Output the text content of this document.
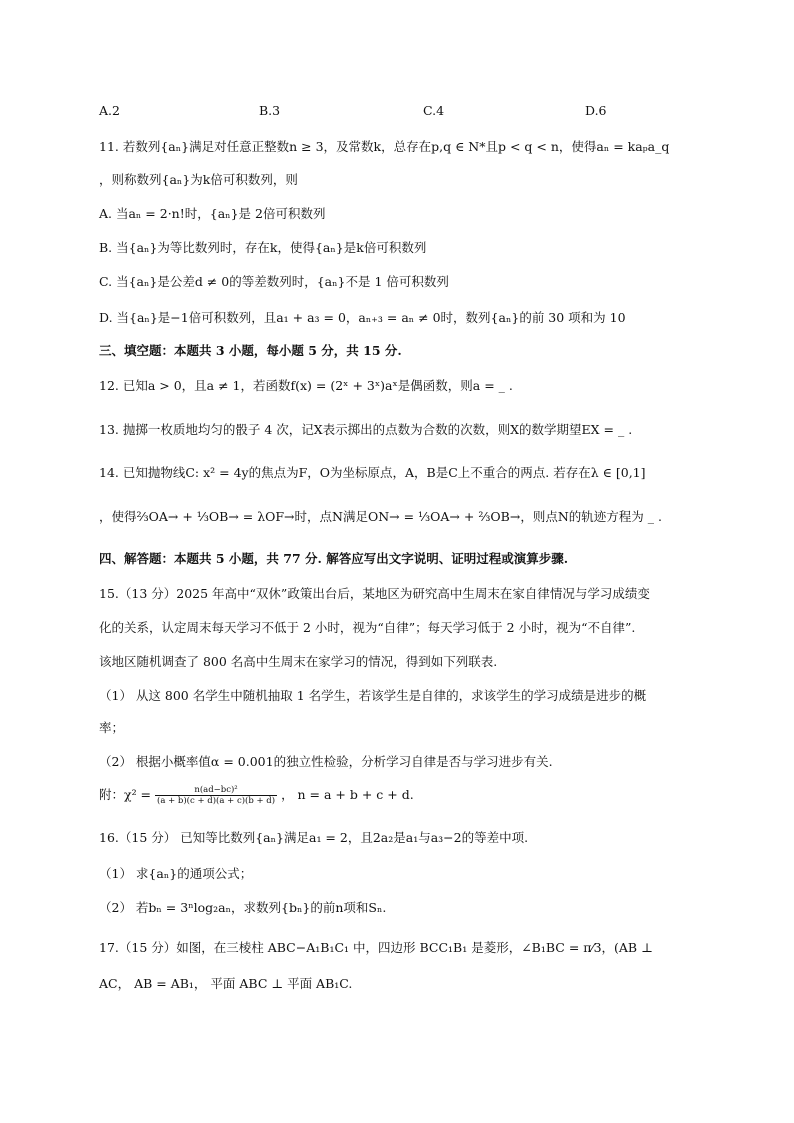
A.2	B.3	C.4	D.6
11. 若数列{aₙ}满足对任意正整数n ≥ 3，及常数k，总存在p,q ∈ N*且p < q < n，使得aₙ = kaₚa_q
，则称数列{aₙ}为k倍可积数列，则
A. 当aₙ = 2·n!时，{aₙ}是 2倍可积数列
B. 当{aₙ}为等比数列时，存在k，使得{aₙ}是k倍可积数列
C. 当{aₙ}是公差d ≠ 0的等差数列时，{aₙ}不是 1 倍可积数列
D. 当{aₙ}是−1倍可积数列，且a₁ + a₃ = 0，aₙ₊₃ = aₙ ≠ 0时，数列{aₙ}的前 30 项和为 10
三、填空题：本题共 3 小题，每小题 5 分，共 15 分.
12. 已知a > 0，且a ≠ 1，若函数f(x) = (2ˣ + 3ˣ)aˣ是偶函数，则a = _ .
13. 抛掷一枚质地均匀的骰子 4 次，记X表示掷出的点数为合数的次数，则X的数学期望EX = _ .
14. 已知抛物线C: x² = 4y的焦点为F，O为坐标原点，A，B是C上不重合的两点. 若存在λ ∈ [0,1]
，使得²⁄₃OA→ + ¹⁄₃OB→ = λOF→时，点N满足ON→ = ¹⁄₃OA→ + ²⁄₃OB→，则点N的轨迹方程为 _ .
四、解答题：本题共 5 小题，共 77 分. 解答应写出文字说明、证明过程或演算步骤.
15.（13 分）2025 年高中“双休”政策出台后，某地区为研究高中生周末在家自律情况与学习成绩变
化的关系，认定周末每天学习不低于 2 小时，视为“自律”；每天学习低于 2 小时，视为“不自律”.
该地区随机调查了 800 名高中生周末在家学习的情况，得到如下列联表.
（1） 从这 800 名学生中随机抽取 1 名学生，若该学生是自律的，求该学生的学习成绩是进步的概
率；
（2） 根据小概率值α = 0.001的独立性检验，分析学习自律是否与学习进步有关.
附：$\chi^2 = \frac{\text{n(ad−bc)²}}{(a + b)(c + d)(a + c)(b + d)}$ ， n = a + b + c + d.
16.（15 分） 已知等比数列{aₙ}满足a₁ = 2，且2a₂是a₁与a₃−2的等差中项.
（1） 求{aₙ}的通项公式；
（2） 若bₙ = 3ⁿlog₂aₙ，求数列{bₙ}的前n项和Sₙ.
17.（15 分）如图，在三棱柱 ABC−A₁B₁C₁ 中，四边形 BCC₁B₁ 是菱形，∠B₁BC = π⁄3，(AB ⊥
AC， AB = AB₁， 平面 ABC ⊥ 平面 AB₁C.
